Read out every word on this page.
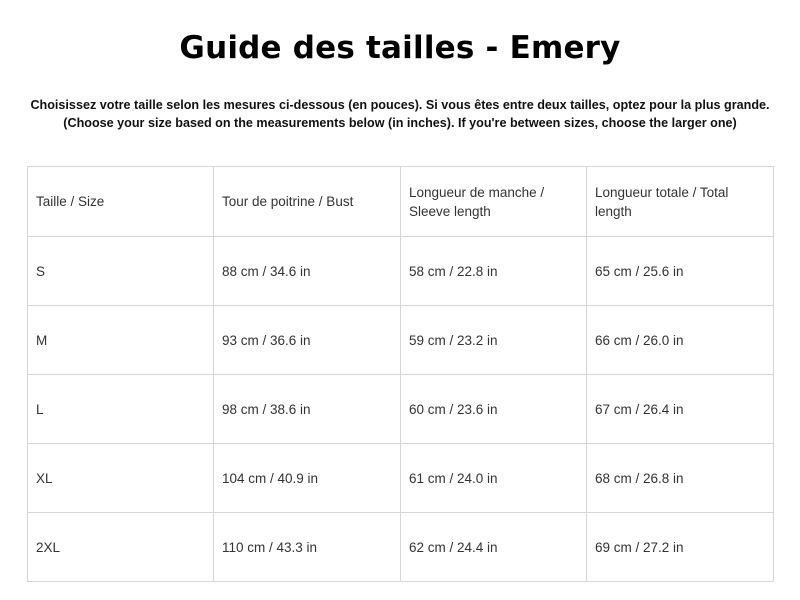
Guide des tailles - Emery

Choisissez votre taille selon les mesures ci-dessous (en pouces). Si vous êtes entre deux tailles, optez pour la plus grande.

(Choose your size based on the measurements below (in inches). If you're between sizes, choose the larger one)

Taille / Size	Tour de poitrine / Bust	Longueur de manche / Sleeve length	Longueur totale / Total length
S	88 cm / 34.6 in	58 cm / 22.8 in	65 cm / 25.6 in
M	93 cm / 36.6 in	59 cm / 23.2 in	66 cm / 26.0 in
L	98 cm / 38.6 in	60 cm / 23.6 in	67 cm / 26.4 in
XL	104 cm / 40.9 in	61 cm / 24.0 in	68 cm / 26.8 in
2XL	110 cm / 43.3 in	62 cm / 24.4 in	69 cm / 27.2 in
